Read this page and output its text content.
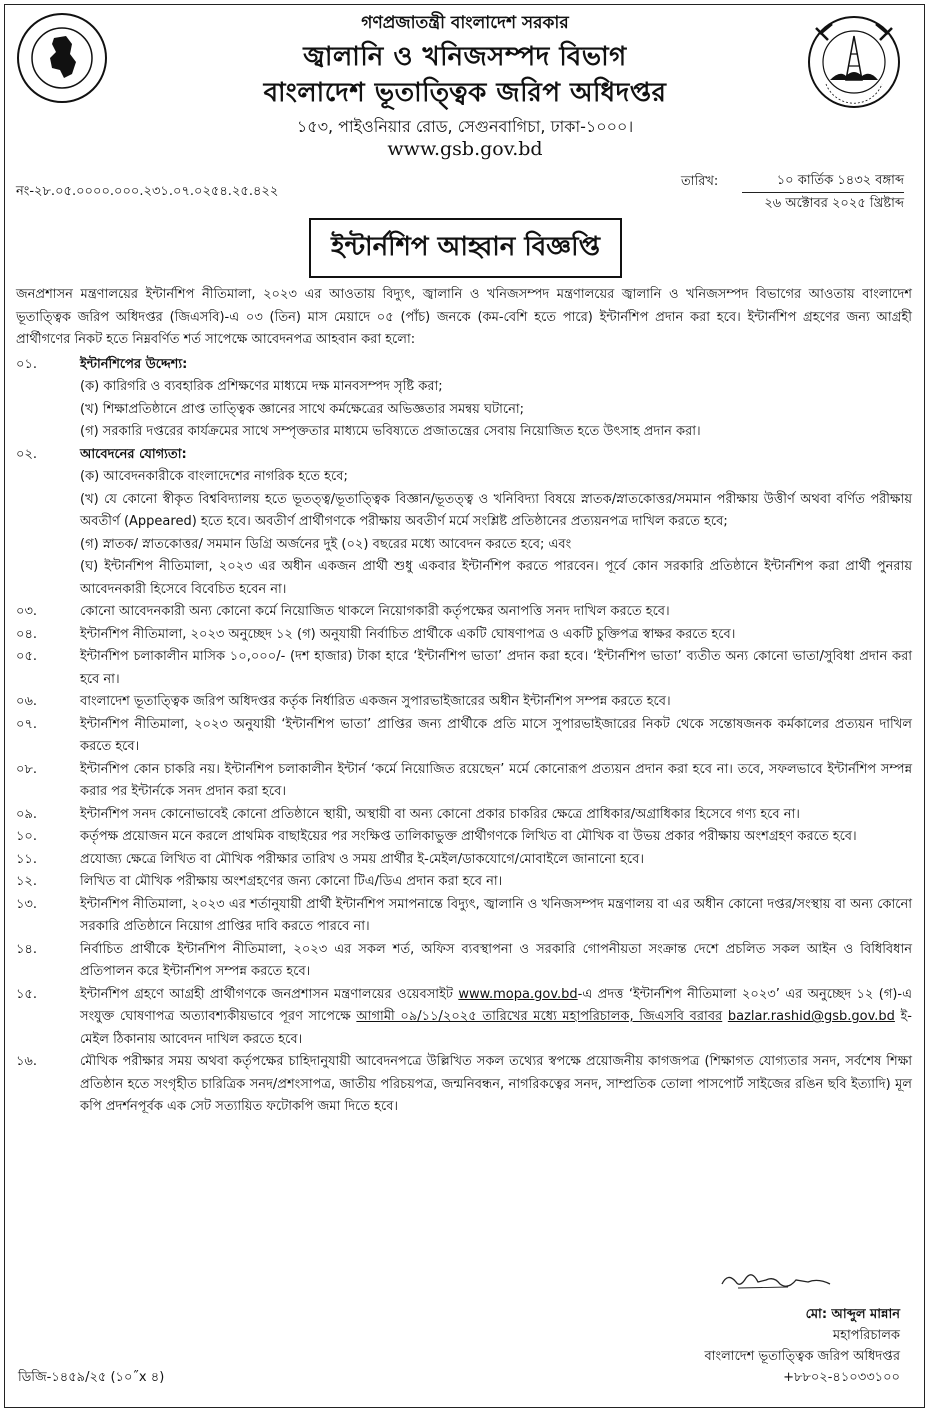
গণপ্রজাতন্ত্রী বাংলাদেশ সরকার
জ্বালানি ও খনিজসম্পদ বিভাগ
বাংলাদেশ ভূতাত্ত্বিক জরিপ অধিদপ্তর
১৫৩, পাইওনিয়ার রোড, সেগুনবাগিচা, ঢাকা-১০০০।
www.gsb.gov.bd
নং-২৮.০৫.০০০০.০০০.২৩১.০৭.০২৫৪.২৫.৪২২
তারিখ:	১০ কার্তিক ১৪৩২ বঙ্গাব্দ
২৬ অক্টোবর ২০২৫ খ্রিষ্টাব্দ
ইন্টার্নশিপ আহ্বান বিজ্ঞপ্তি
জনপ্রশাসন মন্ত্রণালয়ের ইন্টার্নশিপ নীতিমালা, ২০২৩ এর আওতায় বিদ্যুৎ, জ্বালানি ও খনিজসম্পদ মন্ত্রণালয়ের জ্বালানি ও খনিজসম্পদ বিভাগের আওতায় বাংলাদেশ ভূতাত্ত্বিক জরিপ অধিদপ্তর (জিএসবি)-এ ০৩ (তিন) মাস মেয়াদে ০৫ (পাঁচ) জনকে (কম-বেশি হতে পারে) ইন্টার্নশিপ প্রদান করা হবে। ইন্টার্নশিপ গ্রহণের জন্য আগ্রহী প্রার্থীগণের নিকট হতে নিম্নবর্ণিত শর্ত সাপেক্ষে আবেদনপত্র আহবান করা হলো:
০১.	ইন্টার্নশিপের উদ্দেশ্য:
(ক) কারিগরি ও ব্যবহারিক প্রশিক্ষণের মাধ্যমে দক্ষ মানবসম্পদ সৃষ্টি করা;
(খ) শিক্ষাপ্রতিষ্ঠানে প্রাপ্ত তাত্ত্বিক জ্ঞানের সাথে কর্মক্ষেত্রের অভিজ্ঞতার সমন্বয় ঘটানো;
(গ) সরকারি দপ্তরের কার্যক্রমের সাথে সম্পৃক্ততার মাধ্যমে ভবিষ্যতে প্রজাতন্ত্রের সেবায় নিয়োজিত হতে উৎসাহ প্রদান করা।
০২.	আবেদনের যোগ্যতা:
(ক) আবেদনকারীকে বাংলাদেশের নাগরিক হতে হবে;
(খ) যে কোনো স্বীকৃত বিশ্ববিদ্যালয় হতে ভূতত্ত্ব/ভূতাত্ত্বিক বিজ্ঞান/ভূতত্ত্ব ও খনিবিদ্যা বিষয়ে স্নাতক/স্নাতকোত্তর/সমমান পরীক্ষায় উত্তীর্ণ অথবা বর্ণিত পরীক্ষায় অবতীর্ণ (Appeared) হতে হবে। অবতীর্ণ প্রার্থীগণকে পরীক্ষায় অবতীর্ণ মর্মে সংশ্লিষ্ট প্রতিষ্ঠানের প্রত্যয়নপত্র দাখিল করতে হবে;
(গ) স্নাতক/ স্নাতকোত্তর/ সমমান ডিগ্রি অর্জনের দুই (০২) বছরের মধ্যে আবেদন করতে হবে; এবং
(ঘ) ইন্টার্নশিপ নীতিমালা, ২০২৩ এর অধীন একজন প্রার্থী শুধু একবার ইন্টার্নশিপ করতে পারবেন। পূর্বে কোন সরকারি প্রতিষ্ঠানে ইন্টার্নশিপ করা প্রার্থী পুনরায় আবেদনকারী হিসেবে বিবেচিত হবেন না।
০৩.	কোনো আবেদনকারী অন্য কোনো কর্মে নিয়োজিত থাকলে নিয়োগকারী কর্তৃপক্ষের অনাপত্তি সনদ দাখিল করতে হবে।
০৪.	ইন্টার্নশিপ নীতিমালা, ২০২৩ অনুচ্ছেদ ১২ (গ) অনুযায়ী নির্বাচিত প্রার্থীকে একটি ঘোষণাপত্র ও একটি চুক্তিপত্র স্বাক্ষর করতে হবে।
০৫.	ইন্টার্নশিপ চলাকালীন মাসিক ১০,০০০/- (দশ হাজার) টাকা হারে ‘ইন্টার্নশিপ ভাতা’ প্রদান করা হবে। ‘ইন্টার্নশিপ ভাতা’ ব্যতীত অন্য কোনো ভাতা/সুবিধা প্রদান করা হবে না।
০৬.	বাংলাদেশ ভূতাত্ত্বিক জরিপ অধিদপ্তর কর্তৃক নির্ধারিত একজন সুপারভাইজারের অধীন ইন্টার্নশিপ সম্পন্ন করতে হবে।
০৭.	ইন্টার্নশিপ নীতিমালা, ২০২৩ অনুযায়ী ‘ইন্টার্নশিপ ভাতা’ প্রাপ্তির জন্য প্রার্থীকে প্রতি মাসে সুপারভাইজারের নিকট থেকে সন্তোষজনক কর্মকালের প্রত্যয়ন দাখিল করতে হবে।
০৮.	ইন্টার্নশিপ কোন চাকরি নয়। ইন্টার্নশিপ চলাকালীন ইন্টার্ন ‘কর্মে নিয়োজিত রয়েছেন’ মর্মে কোনোরূপ প্রত্যয়ন প্রদান করা হবে না। তবে, সফলভাবে ইন্টার্নশিপ সম্পন্ন করার পর ইন্টার্নকে সনদ প্রদান করা হবে।
০৯.	ইন্টার্নশিপ সনদ কোনোভাবেই কোনো প্রতিষ্ঠানে স্থায়ী, অস্থায়ী বা অন্য কোনো প্রকার চাকরির ক্ষেত্রে প্রাধিকার/অগ্রাধিকার হিসেবে গণ্য হবে না।
১০.	কর্তৃপক্ষ প্রয়োজন মনে করলে প্রাথমিক বাছাইয়ের পর সংক্ষিপ্ত তালিকাভুক্ত প্রার্থীগণকে লিখিত বা মৌখিক বা উভয় প্রকার পরীক্ষায় অংশগ্রহণ করতে হবে।
১১.	প্রযোজ্য ক্ষেত্রে লিখিত বা মৌখিক পরীক্ষার তারিখ ও সময় প্রার্থীর ই-মেইল/ডাকযোগে/মোবাইলে জানানো হবে।
১২.	লিখিত বা মৌখিক পরীক্ষায় অংশগ্রহণের জন্য কোনো টিএ/ডিএ প্রদান করা হবে না।
১৩.	ইন্টার্নশিপ নীতিমালা, ২০২৩ এর শর্তানুযায়ী প্রার্থী ইন্টার্নশিপ সমাপনান্তে বিদ্যুৎ, জ্বালানি ও খনিজসম্পদ মন্ত্রণালয় বা এর অধীন কোনো দপ্তর/সংস্থায় বা অন্য কোনো সরকারি প্রতিষ্ঠানে নিয়োগ প্রাপ্তির দাবি করতে পারবে না।
১৪.	নির্বাচিত প্রার্থীকে ইন্টার্নশিপ নীতিমালা, ২০২৩ এর সকল শর্ত, অফিস ব্যবস্থাপনা ও সরকারি গোপনীয়তা সংক্রান্ত দেশে প্রচলিত সকল আইন ও বিধিবিধান প্রতিপালন করে ইন্টার্নশিপ সম্পন্ন করতে হবে।
১৫.	ইন্টার্নশিপ গ্রহণে আগ্রহী প্রার্থীগণকে জনপ্রশাসন মন্ত্রণালয়ের ওয়েবসাইট www.mopa.gov.bd-এ প্রদত্ত ‘ইন্টার্নশিপ নীতিমালা ২০২৩’ এর অনুচ্ছেদ ১২ (গ)-এ সংযুক্ত ঘোষণাপত্র অত্যাবশ্যকীয়ভাবে পূরণ সাপেক্ষে আগামী ০৯/১১/২০২৫ তারিখের মধ্যে মহাপরিচালক, জিএসবি বরাবর bazlar.rashid@gsb.gov.bd ই-মেইল ঠিকানায় আবেদন দাখিল করতে হবে।
১৬.	মৌখিক পরীক্ষার সময় অথবা কর্তৃপক্ষের চাহিদানুযায়ী আবেদনপত্রে উল্লিখিত সকল তথ্যের স্বপক্ষে প্রয়োজনীয় কাগজপত্র (শিক্ষাগত যোগ্যতার সনদ, সর্বশেষ শিক্ষা প্রতিষ্ঠান হতে সংগৃহীত চারিত্রিক সনদ/প্রশংসাপত্র, জাতীয় পরিচয়পত্র, জন্মনিবন্ধন, নাগরিকত্বের সনদ, সাম্প্রতিক তোলা পাসপোর্ট সাইজের রঙিন ছবি ইত্যাদি) মূল কপি প্রদর্শনপূর্বক এক সেট সত্যায়িত ফটোকপি জমা দিতে হবে।
মো: আব্দুল মান্নান
মহাপরিচালক
বাংলাদেশ ভূতাত্ত্বিক জরিপ অধিদপ্তর
+৮৮০২-৪১০৩৩১০০
ডিজি-১৪৫৯/২৫ (১০˝x ৪)
